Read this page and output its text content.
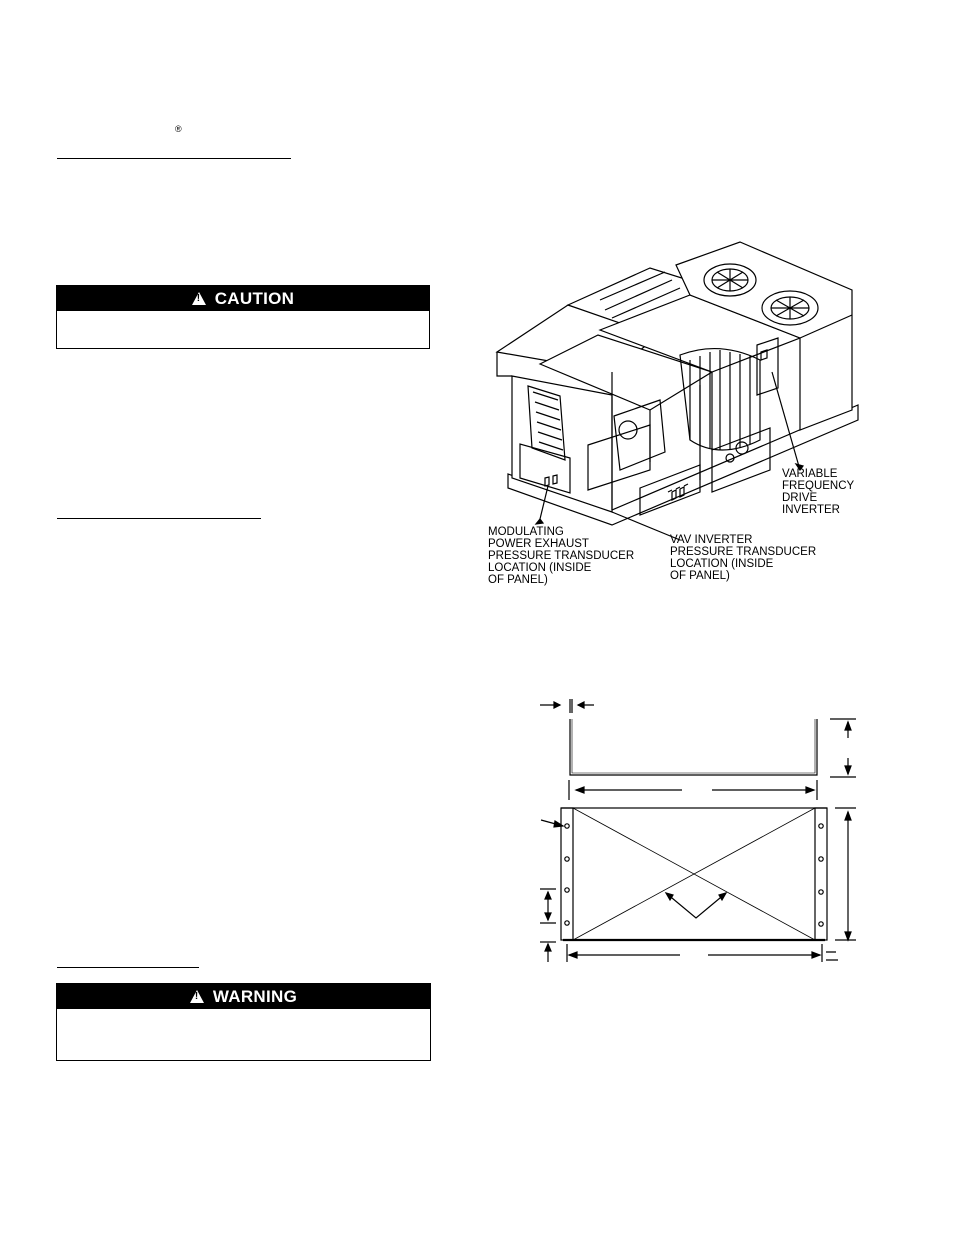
®
!
CAUTION
!
WARNING
MODULATING
POWER EXHAUST
PRESSURE TRANSDUCER
LOCATION (INSIDE
OF PANEL)
VAV INVERTER
PRESSURE TRANSDUCER
LOCATION (INSIDE
OF PANEL)
VARIABLE
FREQUENCY
DRIVE
INVERTER
